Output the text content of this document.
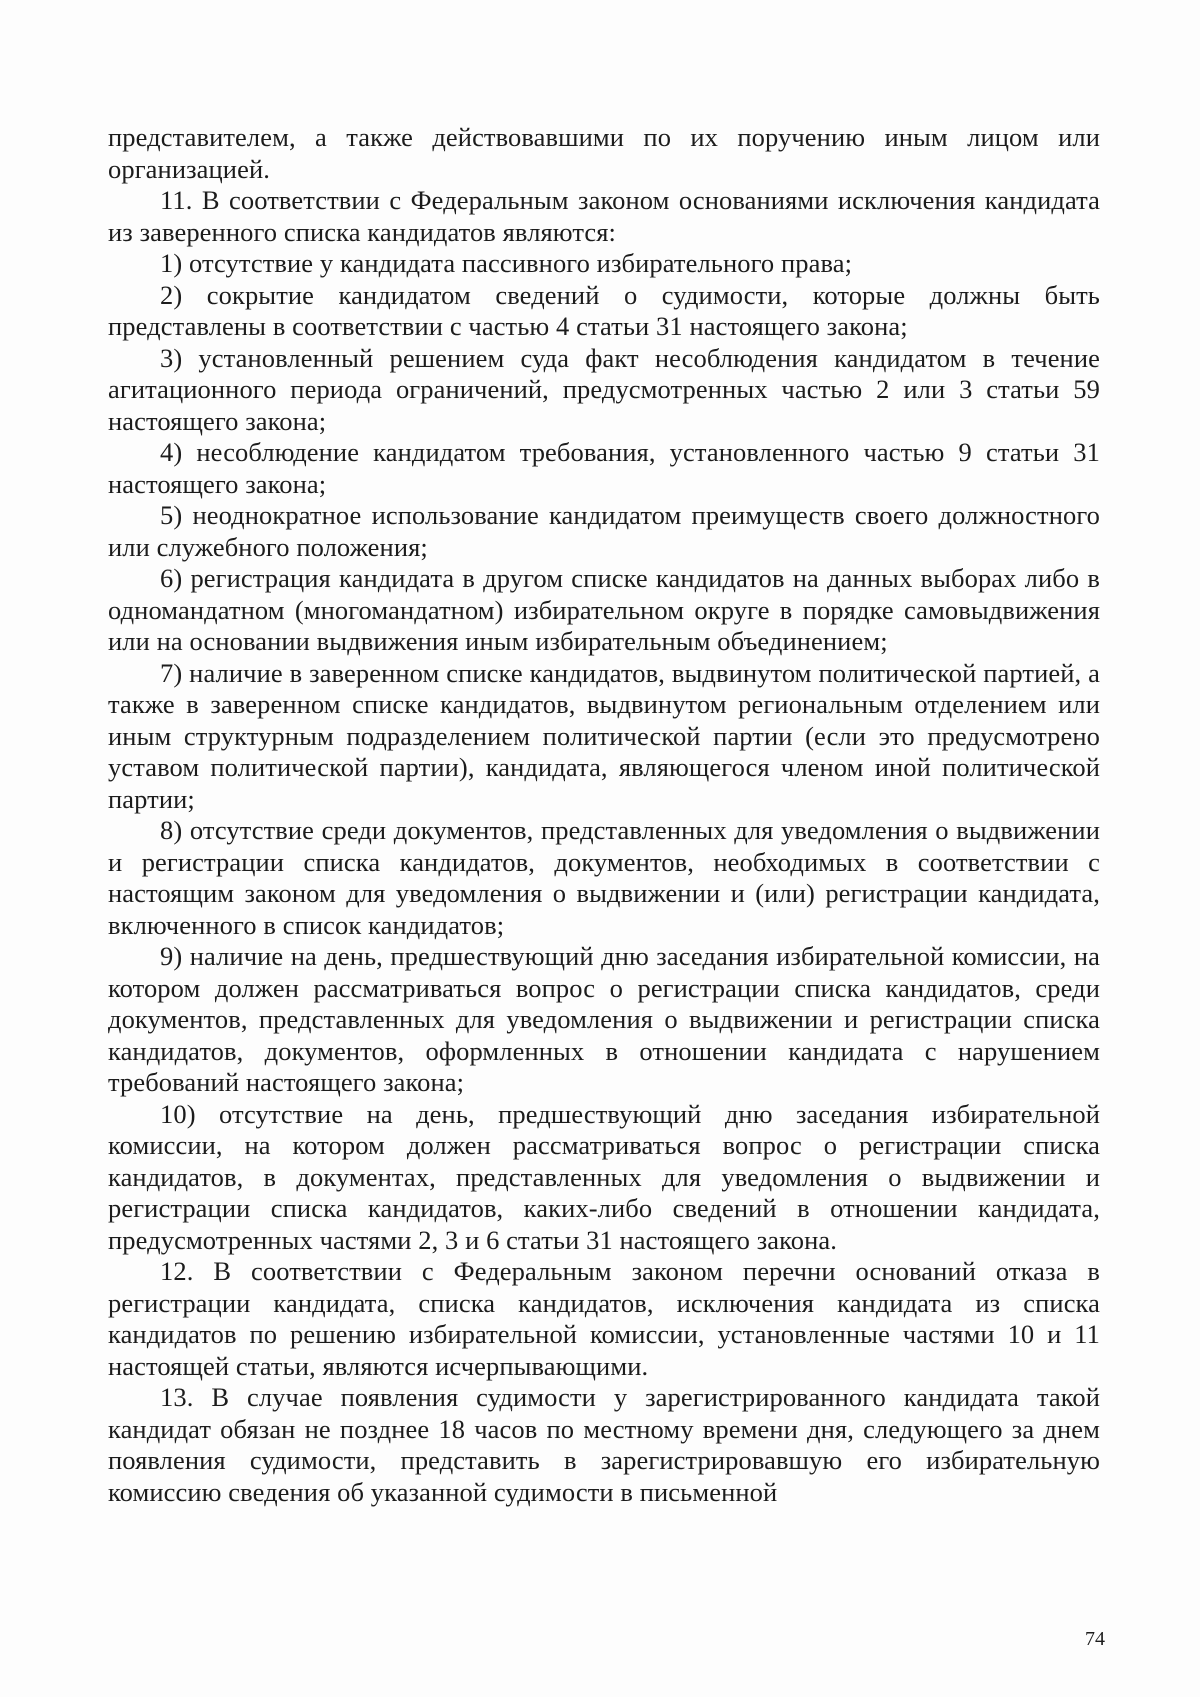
представителем, а также действовавшими по их поручению иным лицом или организацией.

11. В соответствии с Федеральным законом основаниями исключения кандидата из заверенного списка кандидатов являются:

1) отсутствие у кандидата пассивного избирательного права;

2) сокрытие кандидатом сведений о судимости, которые должны быть представлены в соответствии с частью 4 статьи 31 настоящего закона;

3) установленный решением суда факт несоблюдения кандидатом в течение агитационного периода ограничений, предусмотренных частью 2 или 3 статьи 59 настоящего закона;

4) несоблюдение кандидатом требования, установленного частью 9 статьи 31 настоящего закона;

5) неоднократное использование кандидатом преимуществ своего должностного или служебного положения;

6) регистрация кандидата в другом списке кандидатов на данных выборах либо в одномандатном (многомандатном) избирательном округе в порядке самовыдвижения или на основании выдвижения иным избирательным объединением;

7) наличие в заверенном списке кандидатов, выдвинутом политической партией, а также в заверенном списке кандидатов, выдвинутом региональным отделением или иным структурным подразделением политической партии (если это предусмотрено уставом политической партии), кандидата, являющегося членом иной политической партии;

8) отсутствие среди документов, представленных для уведомления о выдвижении и регистрации списка кандидатов, документов, необходимых в соответствии с настоящим законом для уведомления о выдвижении и (или) регистрации кандидата, включенного в список кандидатов;

9) наличие на день, предшествующий дню заседания избирательной комиссии, на котором должен рассматриваться вопрос о регистрации списка кандидатов, среди документов, представленных для уведомления о выдвижении и регистрации списка кандидатов, документов, оформленных в отношении кандидата с нарушением требований настоящего закона;

10) отсутствие на день, предшествующий дню заседания избирательной комиссии, на котором должен рассматриваться вопрос о регистрации списка кандидатов, в документах, представленных для уведомления о выдвижении и регистрации списка кандидатов, каких-либо сведений в отношении кандидата, предусмотренных частями 2, 3 и 6 статьи 31 настоящего закона.

12. В соответствии с Федеральным законом перечни оснований отказа в регистрации кандидата, списка кандидатов, исключения кандидата из списка кандидатов по решению избирательной комиссии, установленные частями 10 и 11 настоящей статьи, являются исчерпывающими.

13. В случае появления судимости у зарегистрированного кандидата такой кандидат обязан не позднее 18 часов по местному времени дня, следующего за днем появления судимости, представить в зарегистрировавшую его избирательную комиссию сведения об указанной судимости в письменной

74
